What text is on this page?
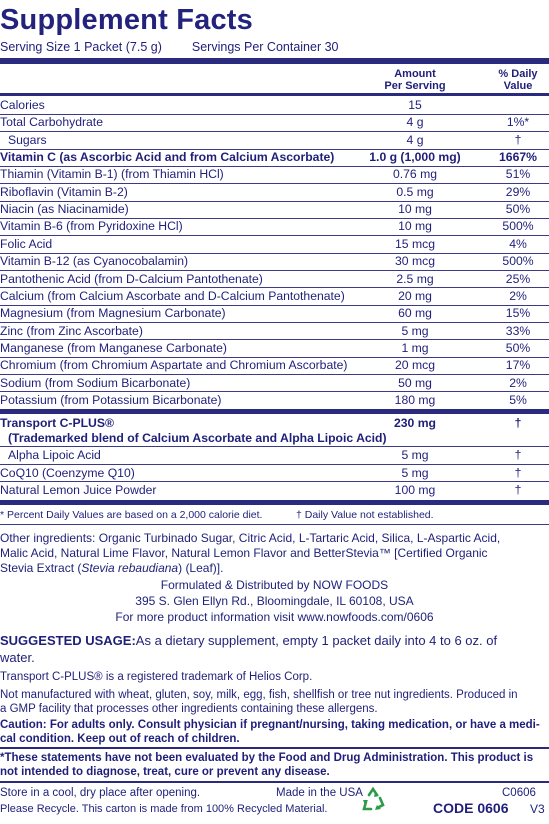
Supplement Facts
Serving Size 1 Packet (7.5 g) Servings Per Container 30
Amount
Per Serving
% Daily
Value
Calories	15
Total Carbohydrate	4 g	1%*
Sugars	4 g	†
Vitamin C (as Ascorbic Acid and from Calcium Ascorbate)	1.0 g (1,000 mg)	1667%
Thiamin (Vitamin B-1) (from Thiamin HCl)	0.76 mg	51%
Riboflavin (Vitamin B-2)	0.5 mg	29%
Niacin (as Niacinamide)	10 mg	50%
Vitamin B-6 (from Pyridoxine HCl)	10 mg	500%
Folic Acid	15 mcg	4%
Vitamin B-12 (as Cyanocobalamin)	30 mcg	500%
Pantothenic Acid (from D-Calcium Pantothenate)	2.5 mg	25%
Calcium (from Calcium Ascorbate and D-Calcium Pantothenate)	20 mg	2%
Magnesium (from Magnesium Carbonate)	60 mg	15%
Zinc (from Zinc Ascorbate)	5 mg	33%
Manganese (from Manganese Carbonate)	1 mg	50%
Chromium (from Chromium Aspartate and Chromium Ascorbate)	20 mcg	17%
Sodium (from Sodium Bicarbonate)	50 mg	2%
Potassium (from Potassium Bicarbonate)	180 mg	5%
Transport C-PLUS®	230 mg	†
(Trademarked blend of Calcium Ascorbate and Alpha Lipoic Acid)
Alpha Lipoic Acid	5 mg	†
CoQ10 (Coenzyme Q10)	5 mg	†
Natural Lemon Juice Powder	100 mg	†
* Percent Daily Values are based on a 2,000 calorie diet.	† Daily Value not established.
Other ingredients: Organic Turbinado Sugar, Citric Acid, L-Tartaric Acid, Silica, L-Aspartic Acid,
Malic Acid, Natural Lime Flavor, Natural Lemon Flavor and BetterStevia™ [Certified Organic
Stevia Extract (Stevia rebaudiana) (Leaf)].
Formulated & Distributed by NOW FOODS
395 S. Glen Ellyn Rd., Bloomingdale, IL 60108, USA
For more product information visit www.nowfoods.com/0606
SUGGESTED USAGE:As a dietary supplement, empty 1 packet daily into 4 to 6 oz. of
water.
Transport C-PLUS® is a registered trademark of Helios Corp.
Not manufactured with wheat, gluten, soy, milk, egg, fish, shellfish or tree nut ingredients. Produced in
a GMP facility that processes other ingredients containing these allergens.
Caution: For adults only. Consult physician if pregnant/nursing, taking medication, or have a medi-
cal condition. Keep out of reach of children.
*These statements have not been evaluated by the Food and Drug Administration. This product is
not intended to diagnose, treat, cure or prevent any disease.
Store in a cool, dry place after opening.	Made in the USA	C0606
Please Recycle. This carton is made from 100% Recycled Material.	CODE 0606 V3
